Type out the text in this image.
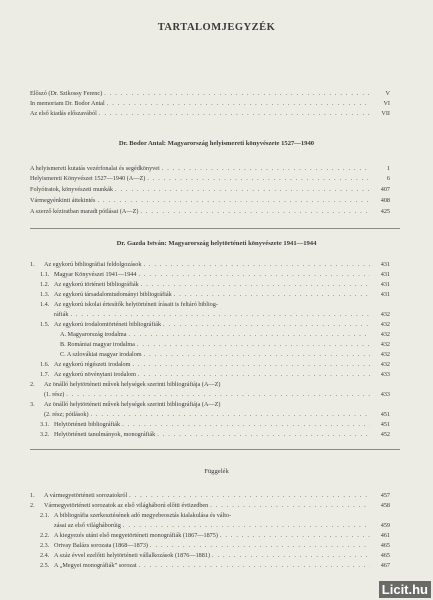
TARTALOMJEGYZÉK
Előszó (Dr. Szikossy Ferenc) . . .	V
In memoriam Dr. Bodor Antal . . .	VI
Az első kiadás előszavából . . .	VII
Dr. Bodor Antal: Magyarország helyismereti könyvészete 1527—1940
A helyismereti kutatás vezérfonalai és segédkönyvei . . .	1
Helyismereti Könyvészet 1527—1940 (A—Z) . . .	6
Folyóiratok, könyvészeti munkák . . .	407
Vármegyénkinti áttekintés . . .	408
A szerző kéziratban maradt pótlásai (A—Z) . . .	425
Dr. Gazda István: Magyarország helytörténeti könyvészete 1941—1944
1.	Az egykorú bibliográfiai feldolgozások . . .	431
1.1. Magyar Könyvészet 1941—1944 . . .	431
1.2. Az egykorú történeti bibliográfiák . . .	431
1.3. Az egykorú társadalomtudományi bibliográfiák . . .	431
1.4. Az egykorú iskolai értesítők helytörténeti írásait is feltáró bibliog-
ráfiák . . .	432
1.5. Az egykorú irodalomtörténeti bibliográfiák . . .	432
A. Magyarország irodalma . . .	432
B. Romániai magyar irodalma . . .	432
C. A szlovákiai magyar irodalom . . .	432
1.6. Az egykorú régészeti irodalom . . .	432
1.7. Az egykorú növénytani irodalom . . .	433
2. Az önálló helytörténeti művek helységek szerinti bibliográfiája (A—Z)
(1. rész) . . .	433
3. Az önálló helytörténeti művek helységek szerinti bibliográfiája (A—Z)
(2. rész; pótlások) . . .	451
3.1. Helytörténeti bibliográfiák . . .	451
3.2. Helytörténeti tanulmányok, monográfiák . . .	452
Függelék
1.	A vármegyetörténeti sorozatokról . . .	457
2.	Vármegyetörténeti sorozatok az első világháború előtti évtizedben . . .	458
2.1. A bibliográfia szerkesztésének adó megyebeosztás kialakulása és válto-
zásai az első világháborúig . . .	459
2.2. A kiegyezés utáni első megyetörténeti monográfiák (1867—1875) . . .	461
2.3. Ortvay Balázs sorozata (1868—1873) . . .	465
2.4. A száz évvel ezelőtti helytörténeti vállalkozások (1876—1881) . . .	465
2.5. A „Megyei monográfiák” sorozat . . .	467
Licit.hu
